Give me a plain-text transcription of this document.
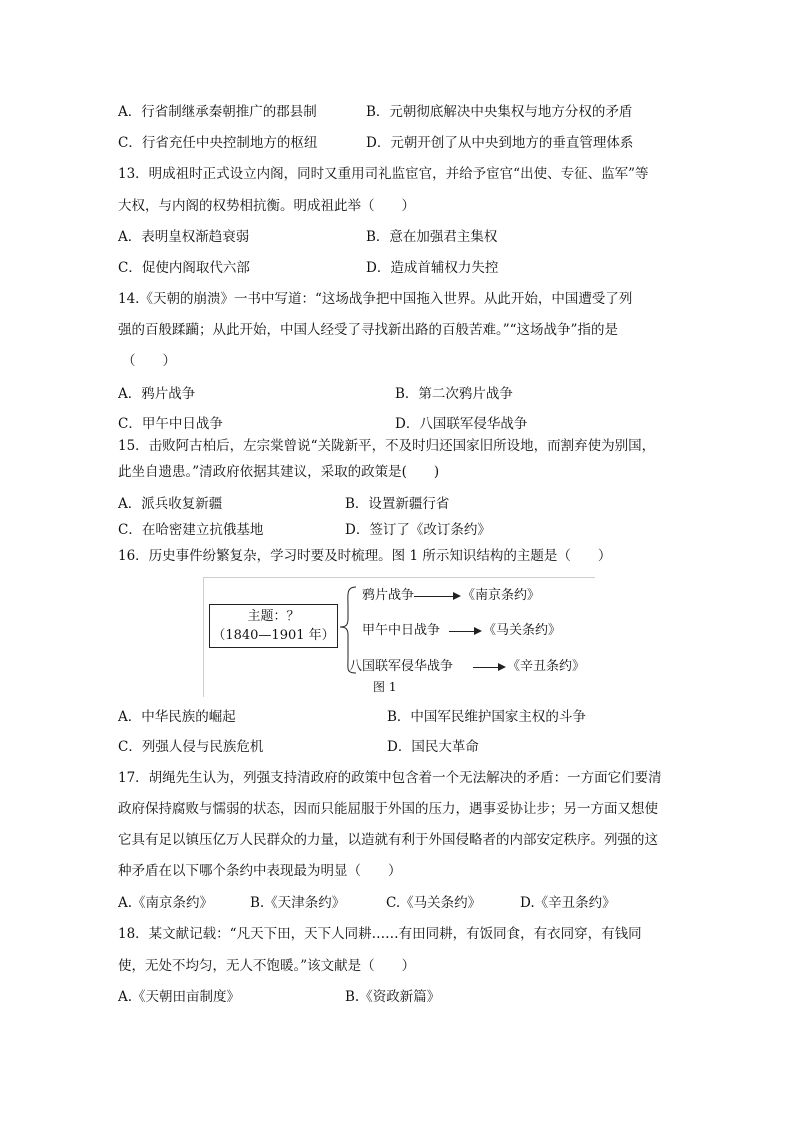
A．行省制继承秦朝推广的郡县制	B．元朝彻底解决中央集权与地方分权的矛盾
C．行省充任中央控制地方的枢纽	D．元朝开创了从中央到地方的垂直管理体系
13．明成祖时正式设立内阁，同时又重用司礼监宦官，并给予宦官“出使、专征、监军”等
大权，与内阁的权势相抗衡。明成祖此举（　　）
A．表明皇权渐趋衰弱	B．意在加强君主集权
C．促使内阁取代六部	D．造成首辅权力失控
14.《天朝的崩溃》一书中写道：“这场战争把中国拖入世界。从此开始，中国遭受了列
强的百般蹂躏；从此开始，中国人经受了寻找新出路的百般苦难。”“这场战争”指的是
（　　）
A．鸦片战争	B．第二次鸦片战争
C．甲午中日战争	D．八国联军侵华战争
15．击败阿古柏后，左宗棠曾说“关陇新平，不及时归还国家旧所设地，而割弃使为别国，
此坐自遗患。”清政府依据其建议，采取的政策是(　　)
A．派兵收复新疆	B．设置新疆行省
C．在哈密建立抗俄基地	D．签订了《改订条约》
16．历史事件纷繁复杂，学习时要及时梳理。图 1 所示知识结构的主题是（　　）
主题：？
（1840—1901 年）
鸦片战争	《南京条约》
甲午中日战争	《马关条约》
八国联军侵华战争	《辛丑条约》
图 1
A．中华民族的崛起	B．中国军民维护国家主权的斗争
C．列强人侵与民族危机	D．国民大革命
17．胡绳先生认为，列强支持清政府的政策中包含着一个无法解决的矛盾：一方面它们要清
政府保持腐败与懦弱的状态，因而只能屈服于外国的压力，遇事妥协让步；另一方面又想使
它具有足以镇压亿万人民群众的力量，以造就有利于外国侵略者的内部安定秩序。列强的这
种矛盾在以下哪个条约中表现最为明显（　　）
A.《南京条约》	B.《天津条约》	C.《马关条约》	D.《辛丑条约》
18．某文献记载：“凡天下田，天下人同耕……有田同耕，有饭同食，有衣同穿，有钱同
使，无处不均匀，无人不饱暖。”该文献是（　　）
A.《天朝田亩制度》	B.《资政新篇》
